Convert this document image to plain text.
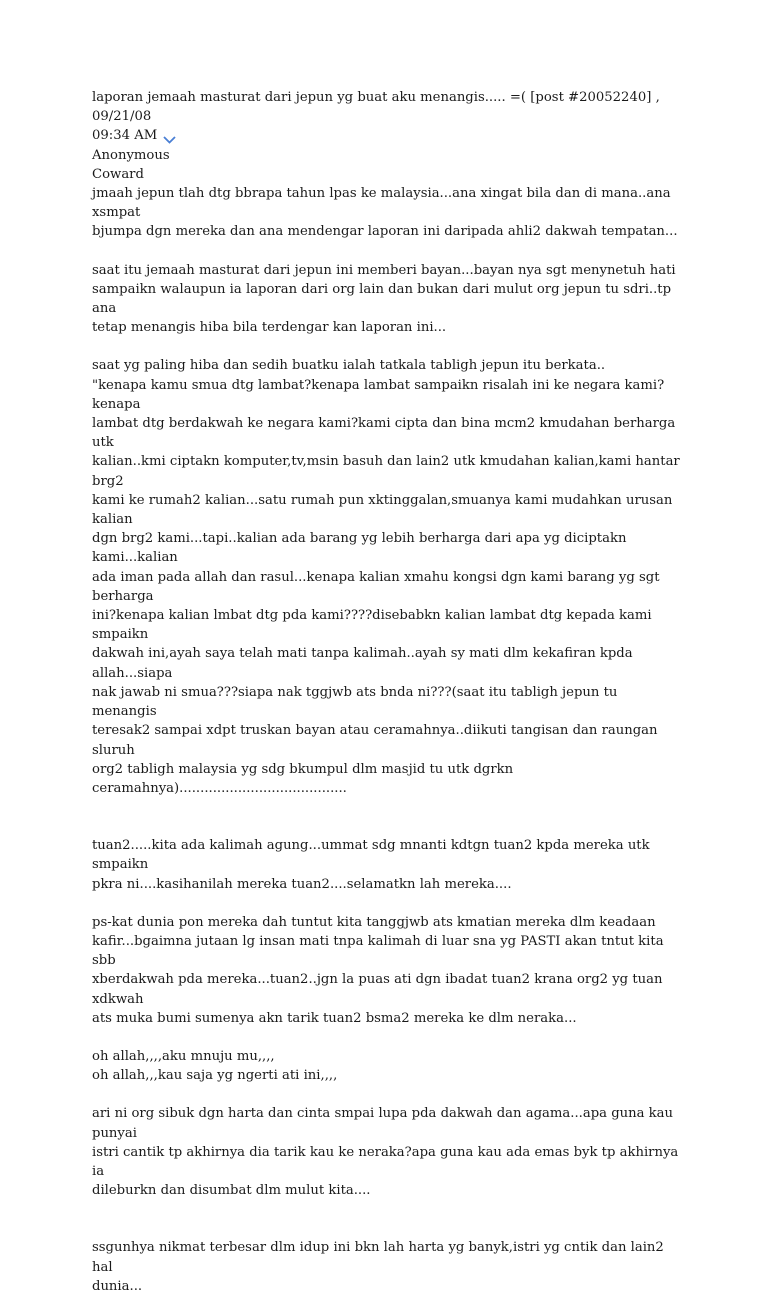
laporan jemaah masturat dari jepun yg buat aku menangis..... =( [post #20052240] , 09/21/08

09:34 AM

Anonymous
Coward
jmaah jepun tlah dtg bbrapa tahun lpas ke malaysia...ana xingat bila dan di mana..ana xsmpat
bjumpa dgn mereka dan ana mendengar laporan ini daripada ahli2 dakwah tempatan...
saat itu jemaah masturat dari jepun ini memberi bayan...bayan nya sgt menynetuh hati
sampaikn walaupun ia laporan dari org lain dan bukan dari mulut org jepun tu sdri..tp ana
tetap menangis hiba bila terdengar kan laporan ini...
saat yg paling hiba dan sedih buatku ialah tatkala tabligh jepun itu berkata..
"kenapa kamu smua dtg lambat?kenapa lambat sampaikn risalah ini ke negara kami?kenapa
lambat dtg berdakwah ke negara kami?kami cipta dan bina mcm2 kmudahan berharga utk
kalian..kmi ciptakn komputer,tv,msin basuh dan lain2 utk kmudahan kalian,kami hantar brg2
kami ke rumah2 kalian...satu rumah pun xktinggalan,smuanya kami mudahkan urusan kalian
dgn brg2 kami...tapi..kalian ada barang yg lebih berharga dari apa yg diciptakn kami...kalian
ada iman pada allah dan rasul...kenapa kalian xmahu kongsi dgn kami barang yg sgt berharga
ini?kenapa kalian lmbat dtg pda kami????disebabkn kalian lambat dtg kepada kami smpaikn
dakwah ini,ayah saya telah mati tanpa kalimah..ayah sy mati dlm kekafiran kpda allah...siapa
nak jawab ni smua???siapa nak tggjwb ats bnda ni???(saat itu tabligh jepun tu menangis
teresak2 sampai xdpt truskan bayan atau ceramahnya..diikuti tangisan dan raungan sluruh
org2 tabligh malaysia yg sdg bkumpul dlm masjid tu utk dgrkn
ceramahnya)........................................
tuan2.....kita ada kalimah agung...ummat sdg mnanti kdtgn tuan2 kpda mereka utk smpaikn
pkra ni....kasihanilah mereka tuan2....selamatkn lah mereka....
ps-kat dunia pon mereka dah tuntut kita tanggjwb ats kmatian mereka dlm keadaan
kafir...bgaimna jutaan lg insan mati tnpa kalimah di luar sna yg PASTI akan tntut kita sbb
xberdakwah pda mereka...tuan2..jgn la puas ati dgn ibadat tuan2 krana org2 yg tuan xdkwah
ats muka bumi sumenya akn tarik tuan2 bsma2 mereka ke dlm neraka...
oh allah,,,,aku mnuju mu,,,,
oh allah,,,kau saja yg ngerti ati ini,,,,
ari ni org sibuk dgn harta dan cinta smpai lupa pda dakwah dan agama...apa guna kau punyai
istri cantik tp akhirnya dia tarik kau ke neraka?apa guna kau ada emas byk tp akhirnya ia
dileburkn dan disumbat dlm mulut kita....
ssgunhya nikmat terbesar dlm idup ini bkn lah harta yg banyk,istri yg cntik dan lain2 hal
dunia...
